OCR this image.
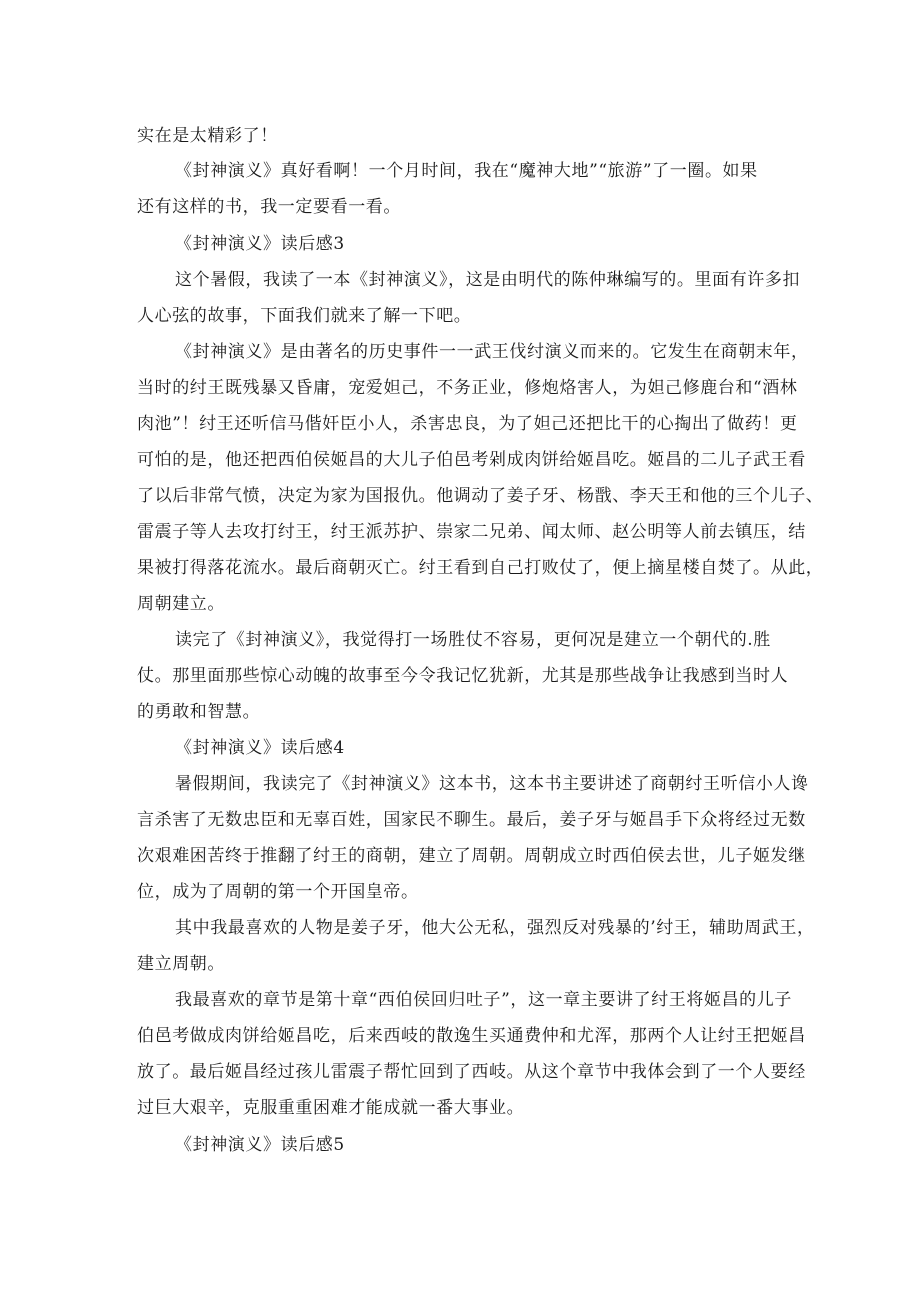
实在是太精彩了！
《封神演义》真好看啊！一个月时间，我在“魔神大地”“旅游”了一圈。如果
还有这样的书，我一定要看一看。
《封神演义》读后感3
这个暑假，我读了一本《封神演义》，这是由明代的陈仲琳编写的。里面有许多扣
人心弦的故事，下面我们就来了解一下吧。
《封神演义》是由著名的历史事件一一武王伐纣演义而来的。它发生在商朝末年，
当时的纣王既残暴又昏庸，宠爱妲己，不务正业，修炮烙害人，为妲己修鹿台和“酒林
肉池”！纣王还听信马偕奸臣小人，杀害忠良，为了妲己还把比干的心掏出了做药！更
可怕的是，他还把西伯侯姬昌的大儿子伯邑考剁成肉饼给姬昌吃。姬昌的二儿子武王看
了以后非常气愤，决定为家为国报仇。他调动了姜子牙、杨戬、李天王和他的三个儿子、
雷震子等人去攻打纣王，纣王派苏护、崇家二兄弟、闻太师、赵公明等人前去镇压，结
果被打得落花流水。最后商朝灭亡。纣王看到自己打败仗了，便上摘星楼自焚了。从此，
周朝建立。
读完了《封神演义》，我觉得打一场胜仗不容易，更何况是建立一个朝代的.胜
仗。那里面那些惊心动魄的故事至今令我记忆犹新，尤其是那些战争让我感到当时人
的勇敢和智慧。
《封神演义》读后感4
暑假期间，我读完了《封神演义》这本书，这本书主要讲述了商朝纣王听信小人谗
言杀害了无数忠臣和无辜百姓，国家民不聊生。最后，姜子牙与姬昌手下众将经过无数
次艰难困苦终于推翻了纣王的商朝，建立了周朝。周朝成立时西伯侯去世，儿子姬发继
位，成为了周朝的第一个开国皇帝。
其中我最喜欢的人物是姜子牙，他大公无私，强烈反对残暴的’纣王，辅助周武王，
建立周朝。
我最喜欢的章节是第十章“西伯侯回归吐子”，这一章主要讲了纣王将姬昌的儿子
伯邑考做成肉饼给姬昌吃，后来西岐的散逸生买通费仲和尤浑，那两个人让纣王把姬昌
放了。最后姬昌经过孩儿雷震子帮忙回到了西岐。从这个章节中我体会到了一个人要经
过巨大艰辛，克服重重困难才能成就一番大事业。
《封神演义》读后感5
